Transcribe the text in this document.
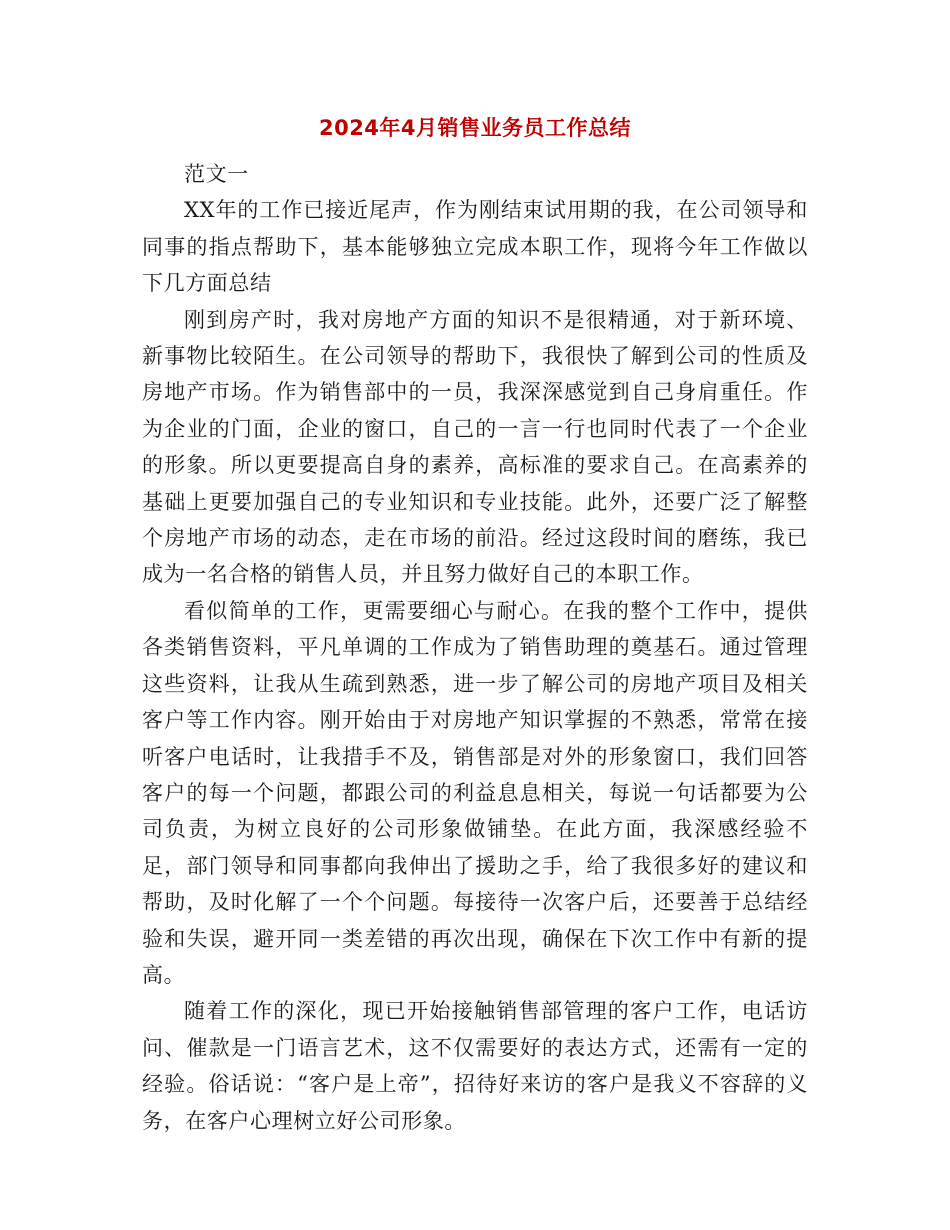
2024年4月销售业务员工作总结

范文一

XX年的工作已接近尾声，作为刚结束试用期的我，在公司领导和同事的指点帮助下，基本能够独立完成本职工作，现将今年工作做以下几方面总结

刚到房产时，我对房地产方面的知识不是很精通，对于新环境、新事物比较陌生。在公司领导的帮助下，我很快了解到公司的性质及房地产市场。作为销售部中的一员，我深深感觉到自己身肩重任。作为企业的门面，企业的窗口，自己的一言一行也同时代表了一个企业的形象。所以更要提高自身的素养，高标准的要求自己。在高素养的基础上更要加强自己的专业知识和专业技能。此外，还要广泛了解整个房地产市场的动态，走在市场的前沿。经过这段时间的磨练，我已成为一名合格的销售人员，并且努力做好自己的本职工作。

看似简单的工作，更需要细心与耐心。在我的整个工作中，提供各类销售资料，平凡单调的工作成为了销售助理的奠基石。通过管理这些资料，让我从生疏到熟悉，进一步了解公司的房地产项目及相关客户等工作内容。刚开始由于对房地产知识掌握的不熟悉，常常在接听客户电话时，让我措手不及，销售部是对外的形象窗口，我们回答客户的每一个问题，都跟公司的利益息息相关，每说一句话都要为公司负责，为树立良好的公司形象做铺垫。在此方面，我深感经验不足，部门领导和同事都向我伸出了援助之手，给了我很多好的建议和帮助，及时化解了一个个问题。每接待一次客户后，还要善于总结经验和失误，避开同一类差错的再次出现，确保在下次工作中有新的提高。

随着工作的深化，现已开始接触销售部管理的客户工作，电话访问、催款是一门语言艺术，这不仅需要好的表达方式，还需有一定的经验。俗话说：“客户是上帝”，招待好来访的客户是我义不容辞的义务，在客户心理树立好公司形象。
